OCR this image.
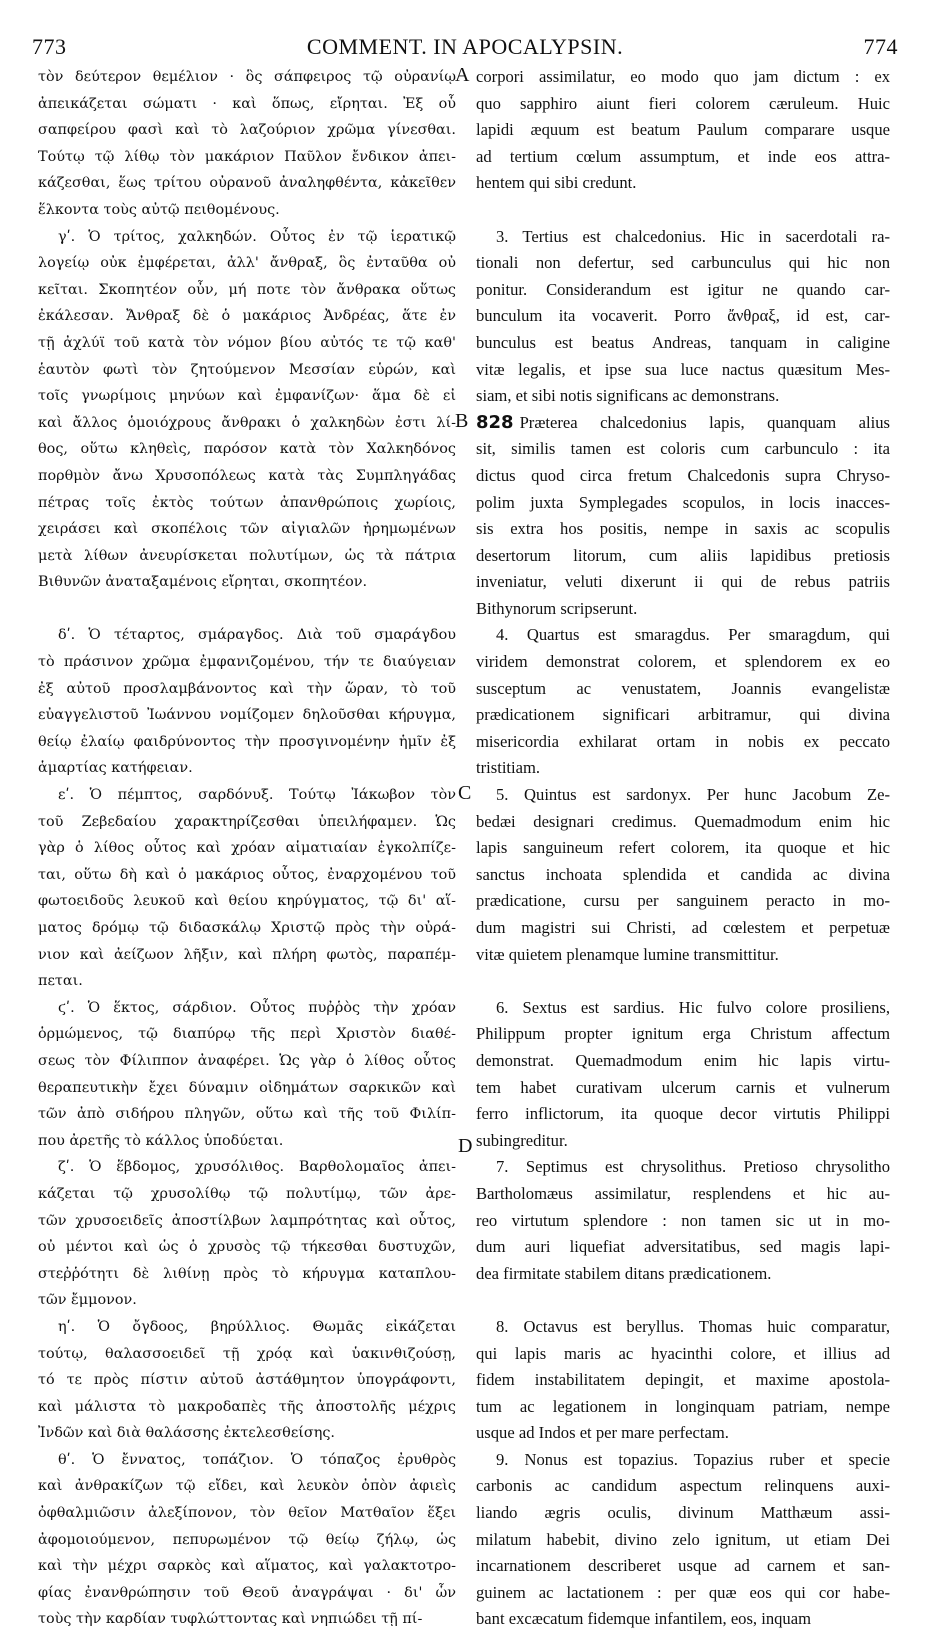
773	COMMENT. IN APOCALYPSIN.	774
τὸν δεύτερον θεμέλιον · ὃς σάπφειρος τῷ οὐρανίῳ
ἀπεικάζεται σώματι · καὶ ὅπως, εἴρηται. Ἐξ οὗ
σαπφείρου φασὶ καὶ τὸ λαζούριον χρῶμα γίνεσθαι.
Τούτῳ τῷ λίθῳ τὸν μακάριον Παῦλον ἔνδικον ἀπει-
κάζεσθαι, ἕως τρίτου οὐρανοῦ ἀναληφθέντα, κἀκεῖθεν
ἕλκοντα τοὺς αὐτῷ πειθομένους.
γʹ. Ὁ τρίτος, χαλκηδών. Οὗτος ἐν τῷ ἱερατικῷ
λογείῳ οὐκ ἐμφέρεται, ἀλλ' ἄνθραξ, ὃς ἐνταῦθα οὐ
κεῖται. Σκοπητέον οὖν, μή ποτε τὸν ἄνθρακα οὕτως
ἐκάλεσαν. Ἄνθραξ δὲ ὁ μακάριος Ἀνδρέας, ἅτε ἐν
τῇ ἀχλύϊ τοῦ κατὰ τὸν νόμον βίου αὐτός τε τῷ καθ'
ἑαυτὸν φωτὶ τὸν ζητούμενον Μεσσίαν εὑρών, καὶ
τοῖς γνωρίμοις μηνύων καὶ ἐμφανίζων· ἅμα δὲ εἰ
καὶ ἄλλος ὁμοιόχρους ἄνθρακι ὁ χαλκηδὼν ἐστι λί-
θος, οὕτω κληθεὶς, παρόσον κατὰ τὸν Χαλκηδόνος
πορθμὸν ἄνω Χρυσοπόλεως κατὰ τὰς Συμπληγάδας
πέτρας τοῖς ἐκτὸς τούτων ἀπανθρώποις χωρίοις,
χειράσει καὶ σκοπέλοις τῶν αἰγιαλῶν ἠρημωμένων
μετὰ λίθων ἀνευρίσκεται πολυτίμων, ὡς τὰ πάτρια
Βιθυνῶν ἀναταξαμένοις εἴρηται, σκοπητέον.
δʹ. Ὁ τέταρτος, σμάραγδος. Διὰ τοῦ σμαράγδου
τὸ πράσινον χρῶμα ἐμφανιζομένου, τήν τε διαύγειαν
ἐξ αὐτοῦ προσλαμβάνοντος καὶ τὴν ὥραν, τὸ τοῦ
εὐαγγελιστοῦ Ἰωάννου νομίζομεν δηλοῦσθαι κήρυγμα,
θείῳ ἐλαίῳ φαιδρύνοντος τὴν προσγινομένην ἡμῖν ἐξ
ἁμαρτίας κατήφειαν.
εʹ. Ὁ πέμπτος, σαρδόνυξ. Τούτῳ Ἰάκωβον τὸν
τοῦ Ζεβεδαίου χαρακτηρίζεσθαι ὑπειλήφαμεν. Ὡς
γὰρ ὁ λίθος οὗτος καὶ χρόαν αἱματιαίαν ἐγκολπίζε-
ται, οὕτω δὴ καὶ ὁ μακάριος οὗτος, ἐναρχομένου τοῦ
φωτοειδοῦς λευκοῦ καὶ θείου κηρύγματος, τῷ δι' αἵ-
ματος δρόμῳ τῷ διδασκάλῳ Χριστῷ πρὸς τὴν οὐρά-
νιον καὶ ἀείζωον λῆξιν, καὶ πλήρη φωτὸς, παραπέμ-
πεται.
ϛʹ. Ὁ ἕκτος, σάρδιον. Οὗτος πυῤῥὸς τὴν χρόαν
ὁρμώμενος, τῷ διαπύρῳ τῆς περὶ Χριστὸν διαθέ-
σεως τὸν Φίλιππον ἀναφέρει. Ὡς γὰρ ὁ λίθος οὗτος
θεραπευτικὴν ἔχει δύναμιν οἰδημάτων σαρκικῶν καὶ
τῶν ἀπὸ σιδήρου πληγῶν, οὕτω καὶ τῆς τοῦ Φιλίπ-
που ἀρετῆς τὸ κάλλος ὑποδύεται.
ζʹ. Ὁ ἕβδομος, χρυσόλιθος. Βαρθολομαῖος ἀπει-
κάζεται τῷ χρυσολίθῳ τῷ πολυτίμῳ, τῶν ἀρε-
τῶν χρυσοειδεῖς ἀποστίλβων λαμπρότητας καὶ οὗτος,
οὐ μέντοι καὶ ὡς ὁ χρυσὸς τῷ τήκεσθαι δυστυχῶν,
στεῤῥότητι δὲ λιθίνῃ πρὸς τὸ κήρυγμα καταπλου-
τῶν ἔμμονον.
ηʹ. Ὁ ὄγδοος, βηρύλλιος. Θωμᾶς εἰκάζεται
τούτῳ, θαλασσοειδεῖ τῇ χρόᾳ καὶ ὑακινθιζούσῃ,
τό τε πρὸς πίστιν αὐτοῦ ἀστάθμητον ὑπογράφοντι,
καὶ μάλιστα τὸ μακροδαπὲς τῆς ἀποστολῆς μέχρις
Ἰνδῶν καὶ διὰ θαλάσσης ἐκτελεσθείσης.
θʹ. Ὁ ἔννατος, τοπάζιον. Ὁ τόπαζος ἐρυθρὸς
καὶ ἀνθρακίζων τῷ εἴδει, καὶ λευκὸν ὀπὸν ἀφιεὶς
ὀφθαλμιῶσιν ἀλεξίπονον, τὸν θεῖον Ματθαῖον ἕξει
ἀφομοιούμενον, πεπυρωμένον τῷ θείῳ ζήλῳ, ὡς
καὶ τὴν μέχρι σαρκὸς καὶ αἵματος, καὶ γαλακτοτρο-
φίας ἐνανθρώπησιν τοῦ Θεοῦ ἀναγράψαι · δι' ὧν
τοὺς τὴν καρδίαν τυφλώττοντας καὶ νηπιώδει τῇ πί-
corpori assimilatur, eo modo quo jam dictum : ex
quo sapphiro aiunt fieri colorem cæruleum. Huic
lapidi æquum est beatum Paulum comparare usque
ad tertium cœlum assumptum, et inde eos attra-
hentem qui sibi credunt.
3. Tertius est chalcedonius. Hic in sacerdotali ra-
tionali non defertur, sed carbunculus qui hic non
ponitur. Considerandum est igitur ne quando car-
bunculum ita vocaverit. Porro ἄνθραξ, id est, car-
bunculus est beatus Andreas, tanquam in caligine
vitæ legalis, et ipse sua luce nactus quæsitum Mes-
siam, et sibi notis significans ac demonstrans.
828 Præterea chalcedonius lapis, quanquam alius
sit, similis tamen est coloris cum carbunculo : ita
dictus quod circa fretum Chalcedonis supra Chryso-
polim juxta Symplegades scopulos, in locis inacces-
sis extra hos positis, nempe in saxis ac scopulis
desertorum litorum, cum aliis lapidibus pretiosis
inveniatur, veluti dixerunt ii qui de rebus patriis
Bithynorum scripserunt.
4. Quartus est smaragdus. Per smaragdum, qui
viridem demonstrat colorem, et splendorem ex eo
susceptum ac venustatem, Joannis evangelistæ
prædicationem significari arbitramur, qui divina
misericordia exhilarat ortam in nobis ex peccato
tristitiam.
5. Quintus est sardonyx. Per hunc Jacobum Ze-
bedæi designari credimus. Quemadmodum enim hic
lapis sanguineum refert colorem, ita quoque et hic
sanctus inchoata splendida et candida ac divina
prædicatione, cursu per sanguinem peracto in mo-
dum magistri sui Christi, ad cœlestem et perpetuæ
vitæ quietem plenamque lumine transmittitur.
6. Sextus est sardius. Hic fulvo colore prosiliens,
Philippum propter ignitum erga Christum affectum
demonstrat. Quemadmodum enim hic lapis virtu-
tem habet curativam ulcerum carnis et vulnerum
ferro inflictorum, ita quoque decor virtutis Philippi
subingreditur.
7. Septimus est chrysolithus. Pretioso chrysolitho
Bartholomæus assimilatur, resplendens et hic au-
reo virtutum splendore : non tamen sic ut in mo-
dum auri liquefiat adversitatibus, sed magis lapi-
dea firmitate stabilem ditans prædicationem.
8. Octavus est beryllus. Thomas huic comparatur,
qui lapis maris ac hyacinthi colore, et illius ad
fidem instabilitatem depingit, et maxime apostola-
tum ac legationem in longinquam patriam, nempe
usque ad Indos et per mare perfectam.
9. Nonus est topazius. Topazius ruber et specie
carbonis ac candidum aspectum relinquens auxi-
liando ægris oculis, divinum Matthæum assi-
milatum habebit, divino zelo ignitum, ut etiam Dei
incarnationem describeret usque ad carnem et san-
guinem ac lactationem : per quæ eos qui cor habe-
bant excæcatum fidemque infantilem, eos, inquam
A
B
C
D
